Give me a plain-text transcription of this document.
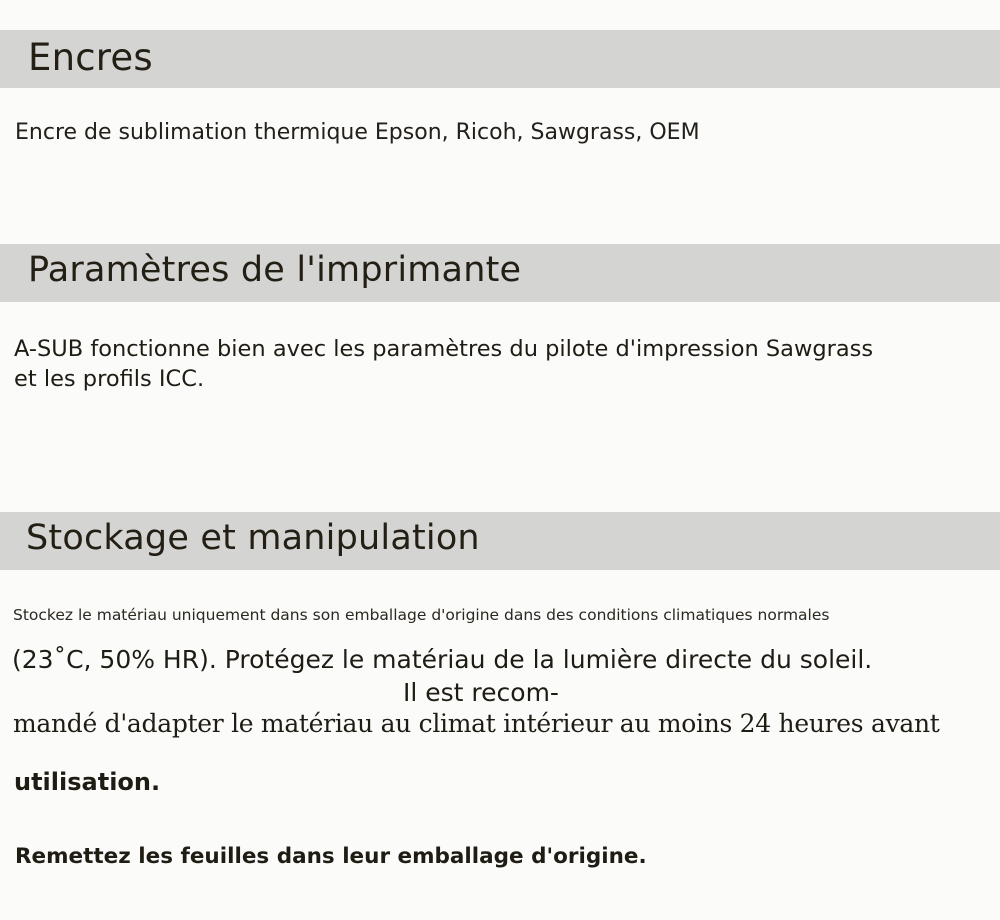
Encres

Encre de sublimation thermique Epson, Ricoh, Sawgrass, OEM

Paramètres de l'imprimante

A-SUB fonctionne bien avec les paramètres du pilote d'impression Sawgrass

et les profils ICC.

Stockage et manipulation

Stockez le matériau uniquement dans son emballage d'origine dans des conditions climatiques normales

(23˚C, 50% HR). Protégez le matériau de la lumière directe du soleil.

Il est recom-

mandé d'adapter le matériau au climat intérieur au moins 24 heures avant

utilisation.

Remettez les feuilles dans leur emballage d'origine.
